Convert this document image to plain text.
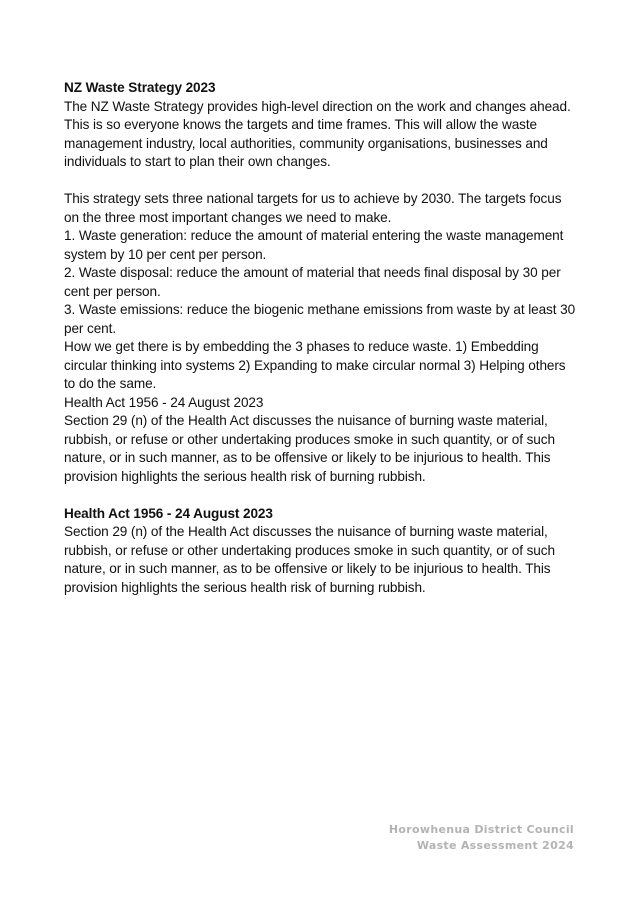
NZ Waste Strategy 2023

The NZ Waste Strategy provides high-level direction on the work and changes ahead. This is so everyone knows the targets and time frames. This will allow the waste management industry, local authorities, community organisations, businesses and individuals to start to plan their own changes.

This strategy sets three national targets for us to achieve by 2030. The targets focus on the three most important changes we need to make.

1. Waste generation: reduce the amount of material entering the waste management system by 10 per cent per person.

2. Waste disposal: reduce the amount of material that needs final disposal by 30 per cent per person.

3. Waste emissions: reduce the biogenic methane emissions from waste by at least 30 per cent.

How we get there is by embedding the 3 phases to reduce waste. 1) Embedding circular thinking into systems 2) Expanding to make circular normal 3) Helping others to do the same.

Health Act 1956 - 24 August 2023

Section 29 (n) of the Health Act discusses the nuisance of burning waste material, rubbish, or refuse or other undertaking produces smoke in such quantity, or of such nature, or in such manner, as to be offensive or likely to be injurious to health. This provision highlights the serious health risk of burning rubbish.

Health Act 1956 - 24 August 2023

Section 29 (n) of the Health Act discusses the nuisance of burning waste material, rubbish, or refuse or other undertaking produces smoke in such quantity, or of such nature, or in such manner, as to be offensive or likely to be injurious to health. This provision highlights the serious health risk of burning rubbish.

Horowhenua District Council
Waste Assessment 2024
